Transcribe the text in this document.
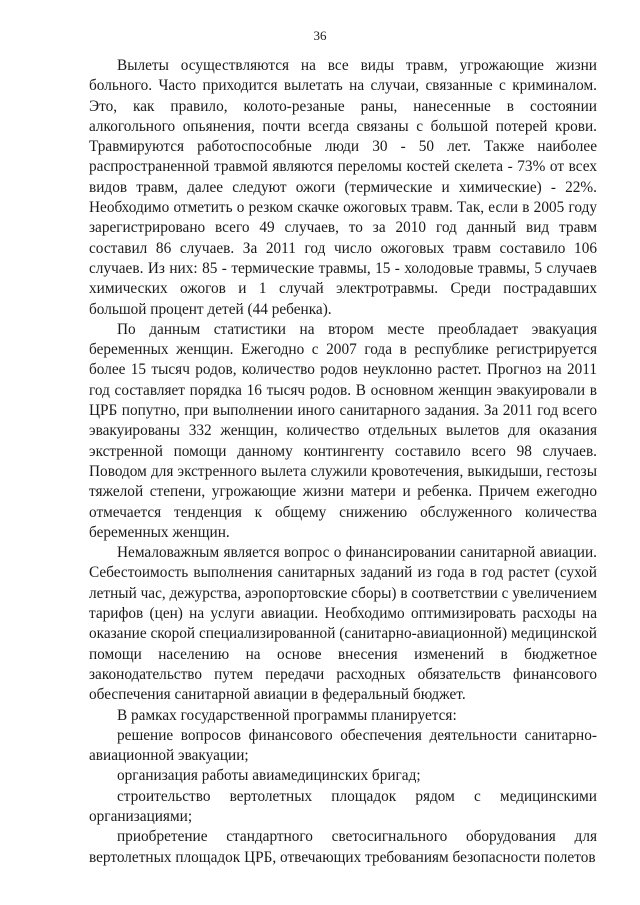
36

Вылеты осуществляются на все виды травм, угрожающие жизни больного. Часто приходится вылетать на случаи, связанные с криминалом. Это, как правило, колото-резаные раны, нанесенные в состоянии алкогольного опьянения, почти всегда связаны с большой потерей крови. Травмируются работоспособные люди 30 - 50 лет. Также наиболее распространенной травмой являются переломы костей скелета - 73% от всех видов травм, далее следуют ожоги (термические и химические) - 22%. Необходимо отметить о резком скачке ожоговых травм. Так, если в 2005 году зарегистрировано всего 49 случаев, то за 2010 год данный вид травм составил 86 случаев. За 2011 год число ожоговых травм составило 106 случаев. Из них: 85 - термические травмы, 15 - холодовые травмы, 5 случаев химических ожогов и 1 случай электротравмы. Среди пострадавших большой процент детей (44 ребенка).

По данным статистики на втором месте преобладает эвакуация беременных женщин. Ежегодно с 2007 года в республике регистрируется более 15 тысяч родов, количество родов неуклонно растет. Прогноз на 2011 год составляет порядка 16 тысяч родов. В основном женщин эвакуировали в ЦРБ попутно, при выполнении иного санитарного задания. За 2011 год всего эвакуированы 332 женщин, количество отдельных вылетов для оказания экстренной помощи данному контингенту составило всего 98 случаев. Поводом для экстренного вылета служили кровотечения, выкидыши, гестозы тяжелой степени, угрожающие жизни матери и ребенка. Причем ежегодно отмечается тенденция к общему снижению обслуженного количества беременных женщин.

Немаловажным является вопрос о финансировании санитарной авиации. Себестоимость выполнения санитарных заданий из года в год растет (сухой летный час, дежурства, аэропортовские сборы) в соответствии с увеличением тарифов (цен) на услуги авиации. Необходимо оптимизировать расходы на оказание скорой специализированной (санитарно-авиационной) медицинской помощи населению на основе внесения изменений в бюджетное законодательство путем передачи расходных обязательств финансового обеспечения санитарной авиации в федеральный бюджет.

В рамках государственной программы планируется:

решение вопросов финансового обеспечения деятельности санитарно-авиационной эвакуации;

организация работы авиамедицинских бригад;

строительство вертолетных площадок рядом с медицинскими организациями;

приобретение стандартного светосигнального оборудования для вертолетных площадок ЦРБ, отвечающих требованиям безопасности полетов
